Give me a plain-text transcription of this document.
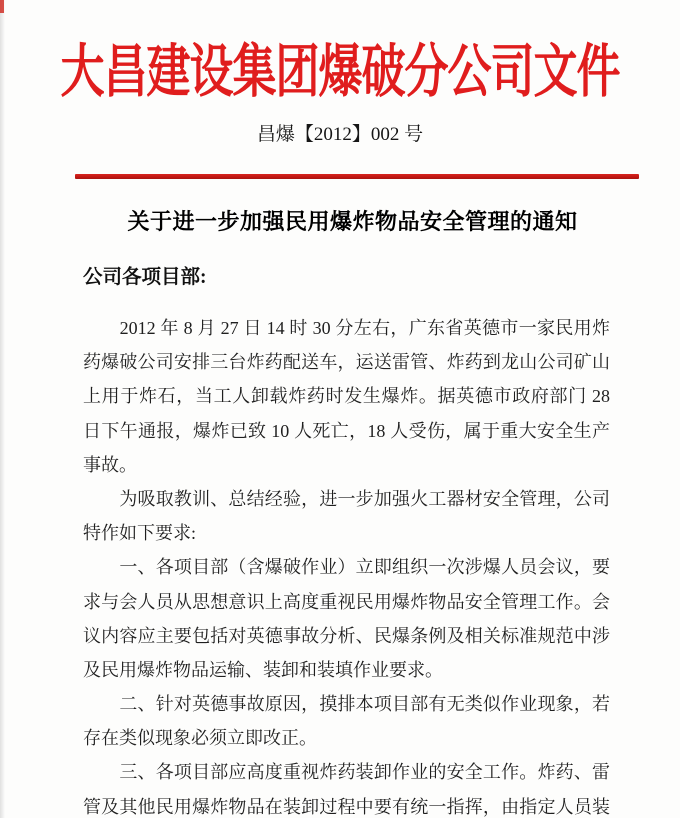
大昌建设集团爆破分公司文件
昌爆【2012】002 号
关于进一步加强民用爆炸物品安全管理的通知
公司各项目部:
　　2012 年 8 月 27 日 14 时 30 分左右，广东省英德市一家民用炸
药爆破公司安排三台炸药配送车，运送雷管、炸药到龙山公司矿山
上用于炸石，当工人卸载炸药时发生爆炸。据英德市政府部门 28
日下午通报，爆炸已致 10 人死亡，18 人受伤，属于重大安全生产
事故。
　　为吸取教训、总结经验，进一步加强火工器材安全管理，公司
特作如下要求:
　　一、各项目部（含爆破作业）立即组织一次涉爆人员会议，要
求与会人员从思想意识上高度重视民用爆炸物品安全管理工作。会
议内容应主要包括对英德事故分析、民爆条例及相关标准规范中涉
及民用爆炸物品运输、装卸和装填作业要求。
　　二、针对英德事故原因，摸排本项目部有无类似作业现象，若
存在类似现象必须立即改正。
　　三、各项目部应高度重视炸药装卸作业的安全工作。炸药、雷
管及其他民用爆炸物品在装卸过程中要有统一指挥，由指定人员装
